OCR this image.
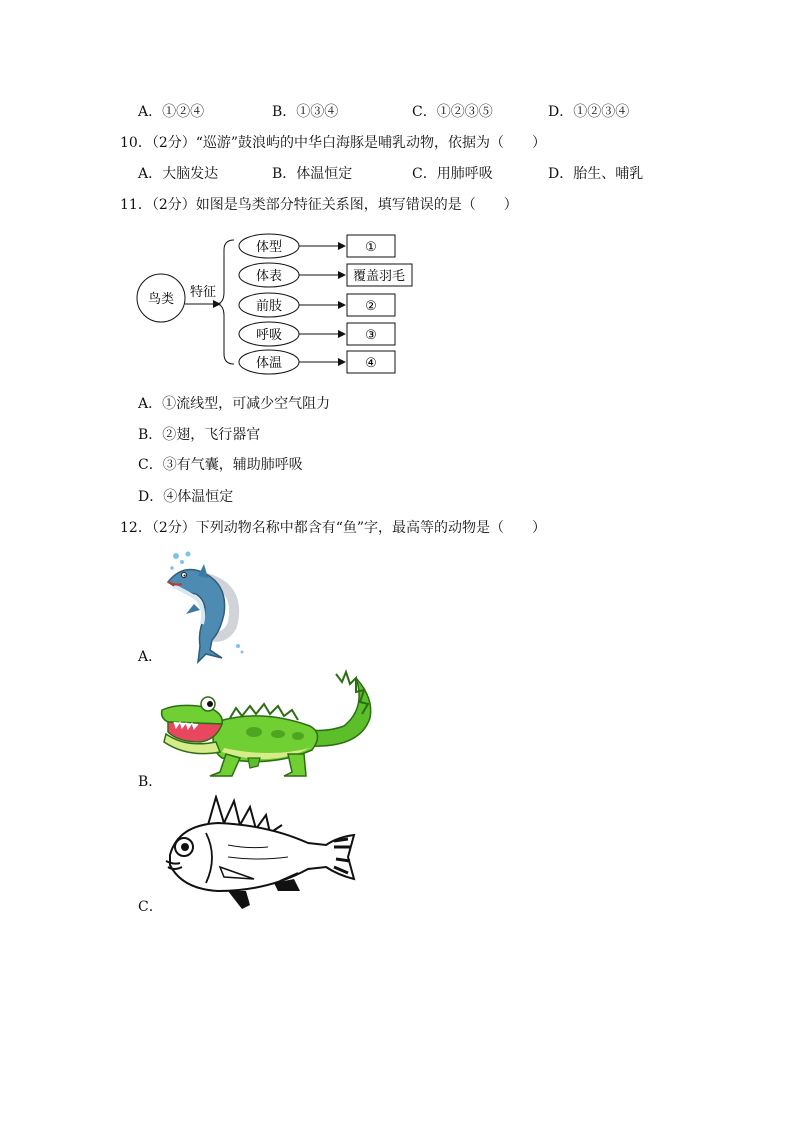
A．①②④	B．①③④	C．①②③⑤	D．①②③④
10．（2分）“巡游”鼓浪屿的中华白海豚是哺乳动物，依据为（　　）
A．大脑发达	B．体温恒定	C．用肺呼吸	D．胎生、哺乳
11．（2分）如图是鸟类部分特征关系图，填写错误的是（　　）
鸟类 特征
体型	①
体表	覆盖羽毛
前肢	②
呼吸	③
体温	④
A．①流线型，可减少空气阻力
B．②翅，飞行器官
C．③有气囊，辅助肺呼吸
D．④体温恒定
12．（2分）下列动物名称中都含有“鱼”字，最高等的动物是（　　）
A．
B．
C．
